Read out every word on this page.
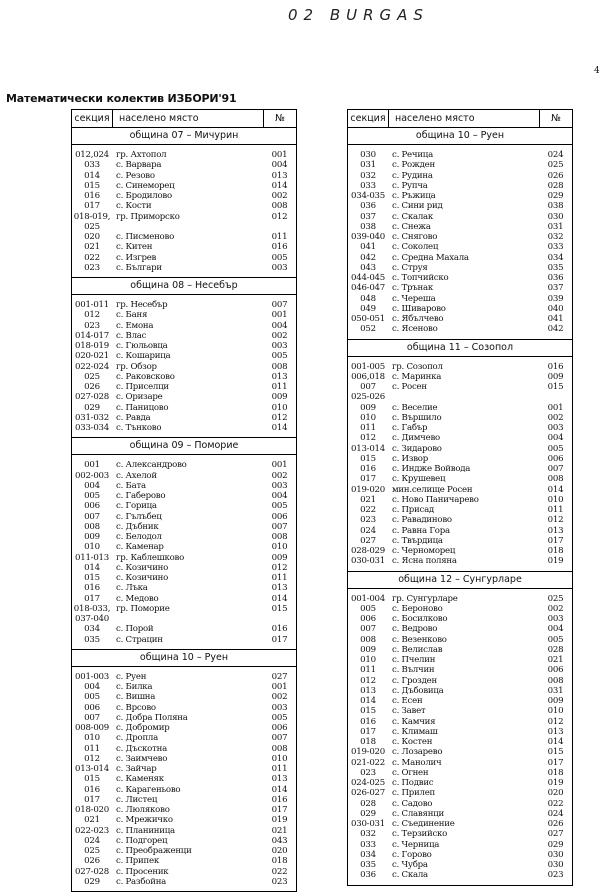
02 BURGAS
4
Математически колектив ИЗБОРИ'91
секция населено място	№
община 07 – Мичурин
012,024 гр. Ахтопол	001
033	с. Варвара	004
014	с. Резово	013
015	с. Синеморец	014
016	с. Бродилово	002
017	с. Кости	008
018-019, гр. Приморско	012
025
020	с. Писменово	011
021	с. Китен	016
022	с. Изгрев	005
023	с. Българи	003
община 08 – Несебър
001-011 гр. Несебър	007
012	с. Баня	001
023	с. Емона	004
014-017 с. Влас	002
018-019 с. Гюльовца	003
020-021 с. Кошарица	005
022-024 гр. Обзор	008
025	с. Раковсково	013
026	с. Приселци	011
027-028 с. Оризаре	009
029	с. Паницово	010
031-032 с. Равда	012
033-034 с. Тънково	014
община 09 – Поморие
001	с. Александрово	001
002-003 с. Ахелой	002
004	с. Бата	003
005	с. Габерово	004
006	с. Горица	005
007	с. Гълъбец	006
008	с. Дъбник	007
009	с. Белодол	008
010	с. Каменар	010
011-013 гр. Каблешково	009
014	с. Козичино	012
015	с. Козичино	011
016	с. Лъка	013
017	с. Медово	014
018-033, гр. Поморие	015
037-040
034	с. Порой	016
035	с. Страцин	017
община 10 – Руен
001-003 с. Руен	027
004	с. Билка	001
005	с. Вишна	002
006	с. Врсово	003
007	с. Добра Поляна	005
008-009 с. Добромир	006
010	с. Дропла	007
011	с. Дъскотна	008
012	с. Заимчево	010
013-014 с. Зайчар	011
015	с. Каменяк	013
016	с. Карагеньово	014
017	с. Листец	016
018-020 с. Люляково	017
021	с. Мрежичко	019
022-023 с. Планиница	021
024	с. Подгорец	043
025	с. Преображенци	020
026	с. Припек	018
027-028 с. Просеник	022
029	с. Разбойна	023
секция населено място	№
община 10 – Руен
030	с. Речица	024
031	с. Рожден	025
032	с. Рудина	026
033	с. Рупча	028
034-035 с. Ръжица	029
036	с. Сини рид	038
037	с. Скалак	030
038	с. Снежа	031
039-040 с. Снягово	032
041	с. Соколец	033
042	с. Средна Махала	034
043	с. Струя	035
044-045 с. Топчийско	036
046-047 с. Трънак	037
048	с. Череша	039
049	с. Шиварово	040
050-051 с. Ябълчево	041
052	с. Ясеново	042
община 11 – Созопол
001-005 гр. Созопол	016
006,018 с. Маринка	009
007	с. Росен	015
025-026
009	с. Веселие	001
010	с. Вършило	002
011	с. Габър	003
012	с. Димчево	004
013-014 с. Зидарово	005
015	с. Извор	006
016	с. Индже Войвода	007
017	с. Крушевец	008
019-020 мин.селище Росен	014
021	с. Ново Паничарево	010
022	с. Присад	011
023	с. Равадиново	012
024	с. Равна Гора	013
027	с. Твърдица	017
028-029 с. Черноморец	018
030-031 с. Ясна поляна	019
община 12 – Сунгурларе
001-004 гр. Сунгурларе	025
005	с. Бероново	002
006	с. Босилково	003
007	с. Ведрово	004
008	с. Везенково	005
009	с. Велислав	028
010	с. Пчелин	021
011	с. Вълчин	006
012	с. Грозден	008
013	с. Дъбовица	031
014	с. Есен	009
015	с. Завет	010
016	с. Камчия	012
017	с. Климаш	013
018	с. Костен	014
019-020 с. Лозарево	015
021-022 с. Манолич	017
023	с. Огнен	018
024-025 с. Подвис	019
026-027 с. Прилеп	020
028	с. Садово	022
029	с. Славянци	024
030-031 с. Съединение	026
032	с. Терзийско	027
033	с. Черница	029
034	с. Горово	030
035	с. Чубра	030
036	с. Скала	023
